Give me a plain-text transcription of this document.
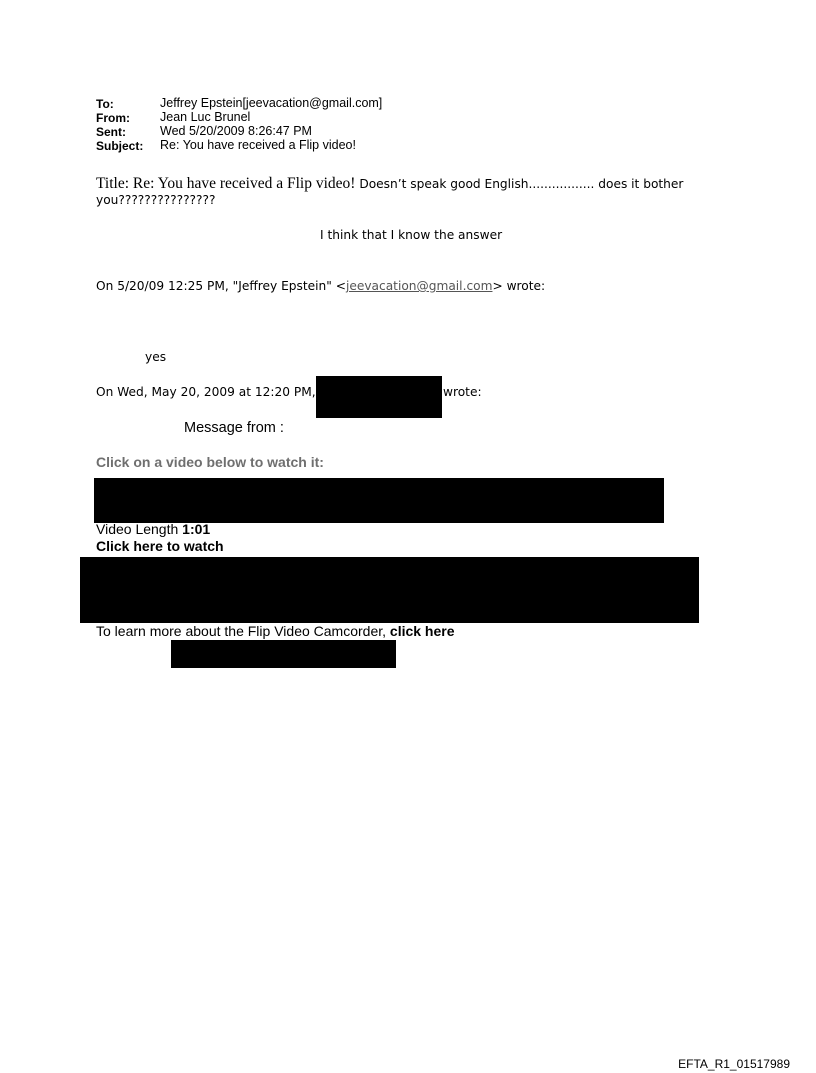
To:	Jeffrey Epstein[jeevacation@gmail.com]
From: Jean Luc Brunel
Sent:	Wed 5/20/2009 8:26:47 PM
Subject: Re: You have received a Flip video!
Title: Re: You have received a Flip video! Doesn’t speak good English................. does it bother
you???????????????
I think that I know the answer
On 5/20/09 12:25 PM, "Jeffrey Epstein" <jeevacation@gmail.com> wrote:
yes
On Wed, May 20, 2009 at 12:20 PM,	wrote:
Message from :
Click on a video below to watch it:
Video Length 1:01
Click here to watch
To learn more about the Flip Video Camcorder, click here
EFTA_R1_01517989
